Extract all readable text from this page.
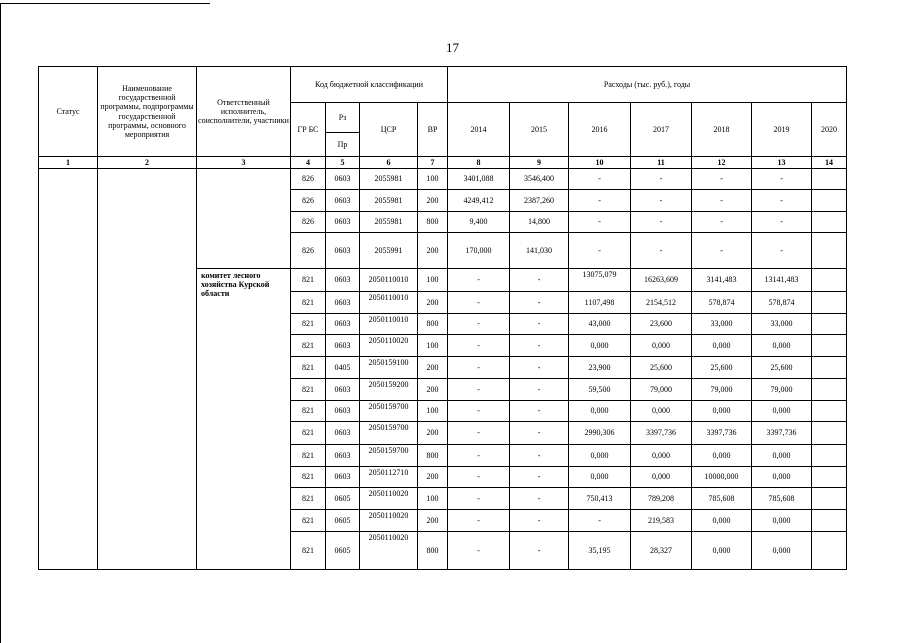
17
Статус	Наименование государственной программы, подпрограммы государственной программы, основного мероприятия	Ответственный исполнитель, соисполнители, участники	Код бюджетной классификации				Расходы (тыс. руб.), годы						
			ГР БС	Рз	ЦСР	ВР	2014	2015	2016	2017	2018	2019	2020
				Пр									
1	2	3	4	5	6	7	8	9	10	11	12	13	14
			826	0603	2055981	100	3401,088	3546,400	-	-	-	-	
			826	0603	2055981	200	4249,412	2387,260	-	-	-	-	
			826	0603	2055981	800	9,400	14,800	-	-	-	-	
			826	0603	2055991	200	170,000	141,030	-	-	-	-	
		комитет лесного хозяйства Курской области	821	0603	2050110010	100	-	-	13075,079	16263,609	3141,483	13141,483	
			821	0603	2050110010	200	-	-	1107,498	2154,512	578,874	578,874	
			821	0603	2050110010	800	-	-	43,000	23,600	33,000	33,000	
			821	0603	2050110020	100	-	-	0,000	0,000	0,000	0,000	
			821	0405	2050159100	200	-	-	23,900	25,600	25,600	25,600	
			821	0603	2050159200	200	-	-	59,500	79,000	79,000	79,000	
			821	0603	2050159700	100	-	-	0,000	0,000	0,000	0,000	
			821	0603	2050159700	200	-	-	2990,306	3397,736	3397,736	3397,736	
			821	0603	2050159700	800	-	-	0,000	0,000	0,000	0,000	
			821	0603	2050112710	200	-	-	0,000	0,000	10000,000	0,000	
			821	0605	2050110020	100	-	-	750,413	789,208	785,608	785,608	
			821	0605	2050110020	200	-	-	-	219,583	0,000	0,000	
			821	0605	2050110020	800	-	-	35,195	28,327	0,000	0,000	
